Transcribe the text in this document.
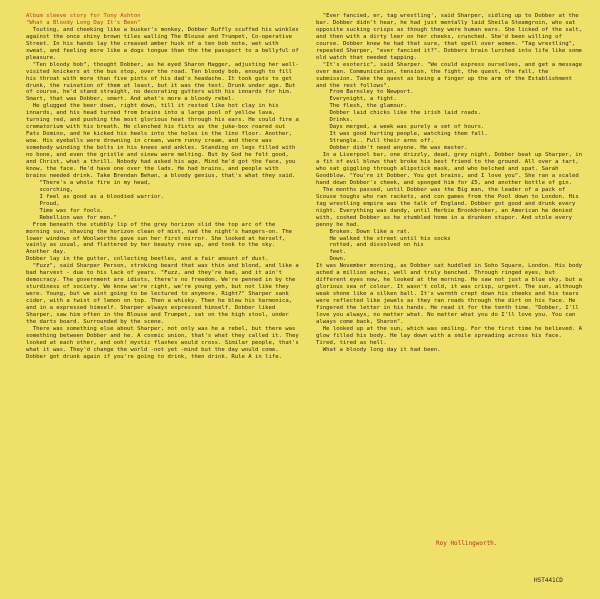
Album sleeve story for Tony Ashton
"What a Bloody Long Day It's Been"

Touting, and cheeking like a busker's monkey, Dobber Ruffly scuffed his winkles against the once shiny brown tiles walling The Blouse and Trumpet, Co-operative Street. In his hands lay the creased amber husk of a ten bob note, wet with sweat, and feeling more like a dogs tongue than the the passport to a bellyful of pleasure.

"Ten bloody bob", thought Dobber, as he eyed Sharon Hagger, adjusting her well-visited knickers at the bus stop, over the road. Ten bloody bob, enough to fill his throat with more than five pints of his dad's headache. It took guts to get drunk, the ruination of them at least, but it was the test. Drunk under age. But of course, he'd stand straight, no decorating gutters with his innards for him. Smart, that was Dobber, smart. And what's more a bloody rebel.

He glugged the beer down, right down, till it rested like hot clay in his innards, and his head turned from brains into a large pool of yellow lava, turning red, and pushing the most glorious heat through his ears. He could fire a crematorium with his breath. He clenched his fists as the juke-box roared out Fats Domino, and he kicked his heels into the holes in the lino floor. Another, wow. His eyeballs were drowning in cream, warm runny cream, and there was somebody winding the bolts in his knees and ankles. Standing on legs filled with no bone, and even the gristle and sinew were melting. But by God he felt good, and Christ, what a thrill. Nobody had asked his age. Mind he'd got the face, you know, the face. He'd have one over the lads. He had brains, and people with brains needed drink. Take Brendan Behan, a bloody genius, that's what they said.

"There's a whole fire in my head,
scorching,
I feel as good as a bloodied warrior.
Proud,
Time was for fools.
Rebellion was for men."

From beneath the stubbly lip of the grey horizon slid the top arc of the morning sun, shaving the horizon clean of mist, nad the night's hangers-on. The lower windows of Woolworths gave sun her first mirror. She looked at herself, vainly as usual, and flattered by her beauty rose up, and took to the sky. Another day.

Dobber lay in the gutter, collecting beetles, and a fair amount of dust.

"Fuzz", said Sharper Person, stroking beard that was thin and blond, and like a bad harvest - due to his lack of years. "Fuzz, and they're bad, and it ain't democracy. The government are idiots, there's no freedom. We're penned in by the sturdiness of society. We know we're right, we're young yeh, but not like they were. Young, but we aint going to be lectured to anymore. Right?" Sharper sank cider, with a twist of lemon on top. Then a whisky. Then he blew his harmonica, and in a expressed himself. Sharper always expressed himself. Dobber liked Sharper, saw him often in the Blouse and Trumpet, sat on the high stool, under the darts board. Surrounded by the scene.

There was something else about Sharper, not only was he a rebel, but there was something between Dobber and he. A cosmic union, that's what they called it. They looked at each other, and ooh! mystic flashes would cross. Similar people, that's what it was. They'd change the world -not yet -mind but the day would come. Dobber got drunk again if you're going to drink, then drink. Rule A in life.

"Ever fancied, er, tag wrestling', said Sharper, sidling up to Dobber at the bar. Dobber didn't hear, he had just mentally laid Sheila Steamgroin, who sat opposite sucking crisps as though they were human ears. She licked of the salt, and then with a dirty leer on her cheeks, crunched. She'd been willing of course. Dobber knew he had that sure, that spell over women. "Tag wrestling", repeated Sharper, "ever fancied it?". Dobbers brain lurched into life like some old watch that needed tapping.

"It's esoteric", said Sharper. "We could express ourselves, and get a message over man. Communication, tension, the fight, the quest, the fall, the submission. Take the quest as being a finger up the arm of the Establishment and the rest follows".

From Barnsley to Newport.
Everynight, a fight.
The flesh, the glamour.
Dobber laid chicks like the irish laid roads.
Drinks.
Days merged, a week was purely a set of hours.
It was good hurting people, watching them fall.
Strangle.. Full their arms off.
Dobber didn't need anyone. He was master.

In a Liverpool bar, one drizzly, dead, grey night, Dobber beat up Sharper, in a fit of evil blows that broke his best friend to the ground. All over a tart, who sat giggling through alipstick mask, and who belched and spat. Sarah Goodblow. "You're it Dobber. You got brains, and I love you". She ran a scaled hand down Dobber's cheek, and sponged him for £5, and another bottle of gin.

The months passed, until Dobber was the Big man, the leader of a pack of Scouse toughs who ran rackets, and con games from the Pool down to London. His tag wrestling empire was the talk of England. Dobber got good and drunk every night. Everything was dandy, until Herbie Brookbroker, an American he denied with, coshed Dobber as he stumbled home in a drunken stupor. And stole every penny he had.

Broken. Down like a rat.
He walked the street until his socks
rotted, and dissolved on his
feet.
Down.

It was November morning, as Dobber sat huddled in Soho Square, London. His body ached a million aches, well and truly benched. Through ringed eyes, but different eyes now, he looked at the morning. He saw not just a blue sky, but a glorious sea of colour. It wasn't cold, it was crisp, urgent. The sun, although weak shone like a silken ball. It's warmth crept down his cheeks and his tears were reflected like jewels as they ran roads through the dirt on his face. He fingered the letter in his hands. He read it for the tenth time. "Dobber, I'll love you always, no matter what. No matter what you do I'll love you. You can always come back, Sharon".

He looked up at the sun, which was smiling. For the first time he believed. A glow filled his body. He lay down with a smile spreading across his face. Tired, tired as hell.

What a bloody long day it had been.

Roy Hollingworth.
HST441CD
